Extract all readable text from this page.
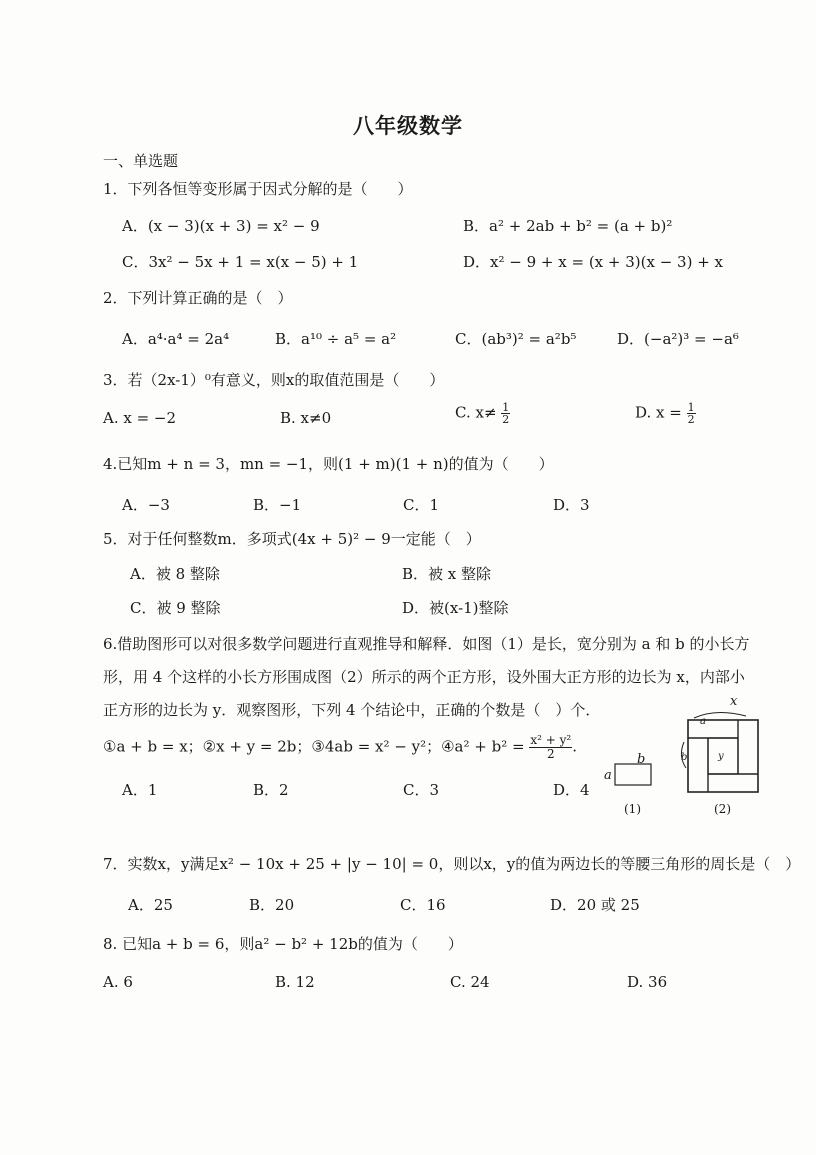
八年级数学
一、单选题
1．下列各恒等变形属于因式分解的是（　　）
A．(x − 3)(x + 3) = x² − 9	B．a² + 2ab + b² = (a + b)²
C．3x² − 5x + 1 = x(x − 5) + 1	D．x² − 9 + x = (x + 3)(x − 3) + x
2．下列计算正确的是（　）
A．a⁴·a⁴ = 2a⁴	B．a¹⁰ ÷ a⁵ = a²	C．(ab³)² = a²b⁵	D．(−a²)³ = −a⁶
3．若（2x-1）⁰有意义，则x的取值范围是（　　）
A. x = −2	B. x≠0	C. $x\ne \frac{1}{2}$	D. $x = \frac{1}{2}$
4.已知m + n = 3，mn = −1，则(1 + m)(1 + n)的值为（　　）
A．−3	B．−1	C．1	D．3
5．对于任何整数m．多项式(4x + 5)² − 9一定能（　）
A．被 8 整除	B．被 x 整除
C．被 9 整除	D．被(x-1)整除
6.借助图形可以对很多数学问题进行直观推导和解释．如图（1）是长，宽分别为 a 和 b 的小长方
形，用 4 个这样的小长方形围成图（2）所示的两个正方形，设外围大正方形的边长为 x，内部小
正方形的边长为 y．观察图形，下列 4 个结论中，正确的个数是（　）个．
①a + b = x；②x + y = 2b；③4ab = x² − y²；④a² + $b^2 = \frac{\text{x² + y²}}{2}$ .
A．1	B．2	C．3	D．4
a
b
(1)
x
a
b	y
(2)
7．实数x，y满足x² − 10x + 25 + |y − 10| = 0，则以x，y的值为两边长的等腰三角形的周长是（　）
A．25	B．20	C．16	D．20 或 25
8. 已知a + b = 6，则a² − b² + 12b的值为（　　）
A. 6	B. 12	C. 24	D. 36
